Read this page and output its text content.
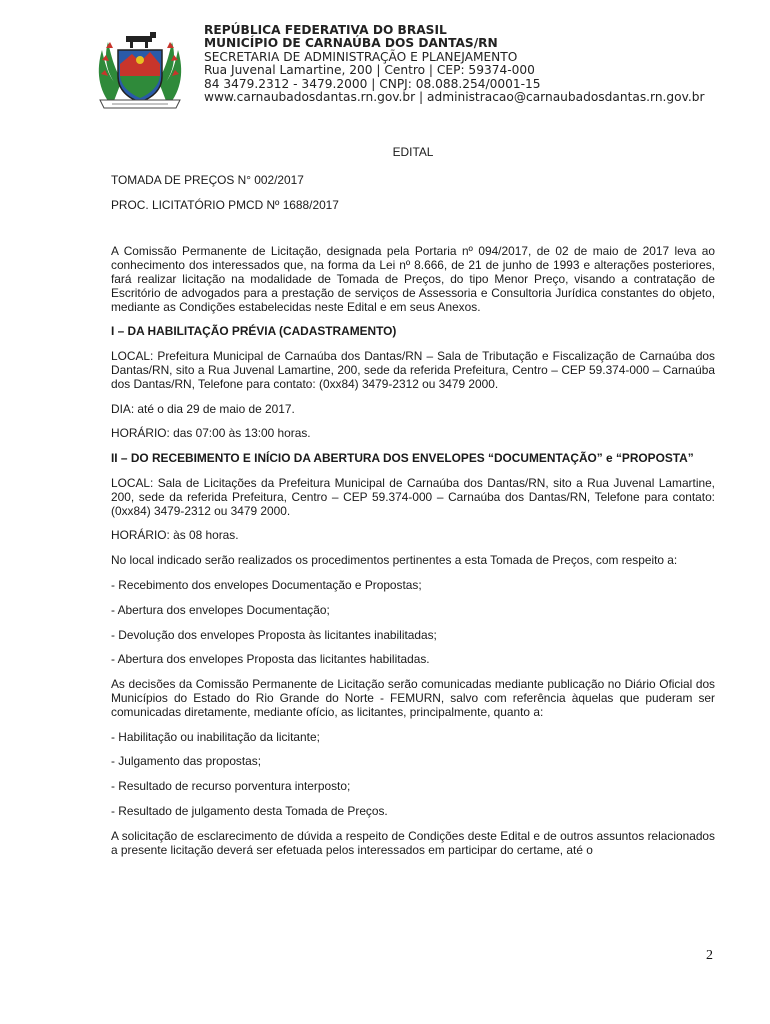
REPÚBLICA FEDERATIVA DO BRASIL
MUNICÍPIO DE CARNAÚBA DOS DANTAS/RN
SECRETARIA DE ADMINISTRAÇÃO E PLANEJAMENTO
Rua Juvenal Lamartine, 200 | Centro | CEP: 59374-000
84 3479.2312 - 3479.2000 | CNPJ: 08.088.254/0001-15
www.carnaubadosdantas.rn.gov.br | administracao@carnaubadosdantas.rn.gov.br
EDITAL
TOMADA DE PREÇOS N° 002/2017
PROC. LICITATÓRIO PMCD Nº 1688/2017
A Comissão Permanente de Licitação, designada pela Portaria nº 094/2017, de 02 de maio de 2017 leva ao conhecimento dos interessados que, na forma da Lei nº 8.666, de 21 de junho de 1993 e alterações posteriores, fará realizar licitação na modalidade de Tomada de Preços, do tipo Menor Preço, visando a contratação de Escritório de advogados para a prestação de serviços de Assessoria e Consultoria Jurídica constantes do objeto, mediante as Condições estabelecidas neste Edital e em seus Anexos.
I – DA HABILITAÇÃO PRÉVIA (CADASTRAMENTO)
LOCAL: Prefeitura Municipal de Carnaúba dos Dantas/RN – Sala de Tributação e Fiscalização de Carnaúba dos Dantas/RN, sito a Rua Juvenal Lamartine, 200, sede da referida Prefeitura, Centro – CEP 59.374-000 – Carnaúba dos Dantas/RN, Telefone para contato: (0xx84) 3479-2312 ou 3479 2000.
DIA: até o dia 29 de maio de 2017.
HORÁRIO: das 07:00 às 13:00 horas.
II – DO RECEBIMENTO E INÍCIO DA ABERTURA DOS ENVELOPES “DOCUMENTAÇÃO” e “PROPOSTA”
LOCAL: Sala de Licitações da Prefeitura Municipal de Carnaúba dos Dantas/RN, sito a Rua Juvenal Lamartine, 200, sede da referida Prefeitura, Centro – CEP 59.374-000 – Carnaúba dos Dantas/RN, Telefone para contato: (0xx84) 3479-2312 ou 3479 2000.
HORÁRIO: às 08 horas.
No local indicado serão realizados os procedimentos pertinentes a esta Tomada de Preços, com respeito a:
- Recebimento dos envelopes Documentação e Propostas;
- Abertura dos envelopes Documentação;
- Devolução dos envelopes Proposta às licitantes inabilitadas;
- Abertura dos envelopes Proposta das licitantes habilitadas.
As decisões da Comissão Permanente de Licitação serão comunicadas mediante publicação no Diário Oficial dos Municípios do Estado do Rio Grande do Norte - FEMURN, salvo com referência àquelas que puderam ser comunicadas diretamente, mediante ofício, as licitantes, principalmente, quanto a:
- Habilitação ou inabilitação da licitante;
- Julgamento das propostas;
- Resultado de recurso porventura interposto;
- Resultado de julgamento desta Tomada de Preços.
A solicitação de esclarecimento de dúvida a respeito de Condições deste Edital e de outros assuntos relacionados a presente licitação deverá ser efetuada pelos interessados em participar do certame, até o
2
